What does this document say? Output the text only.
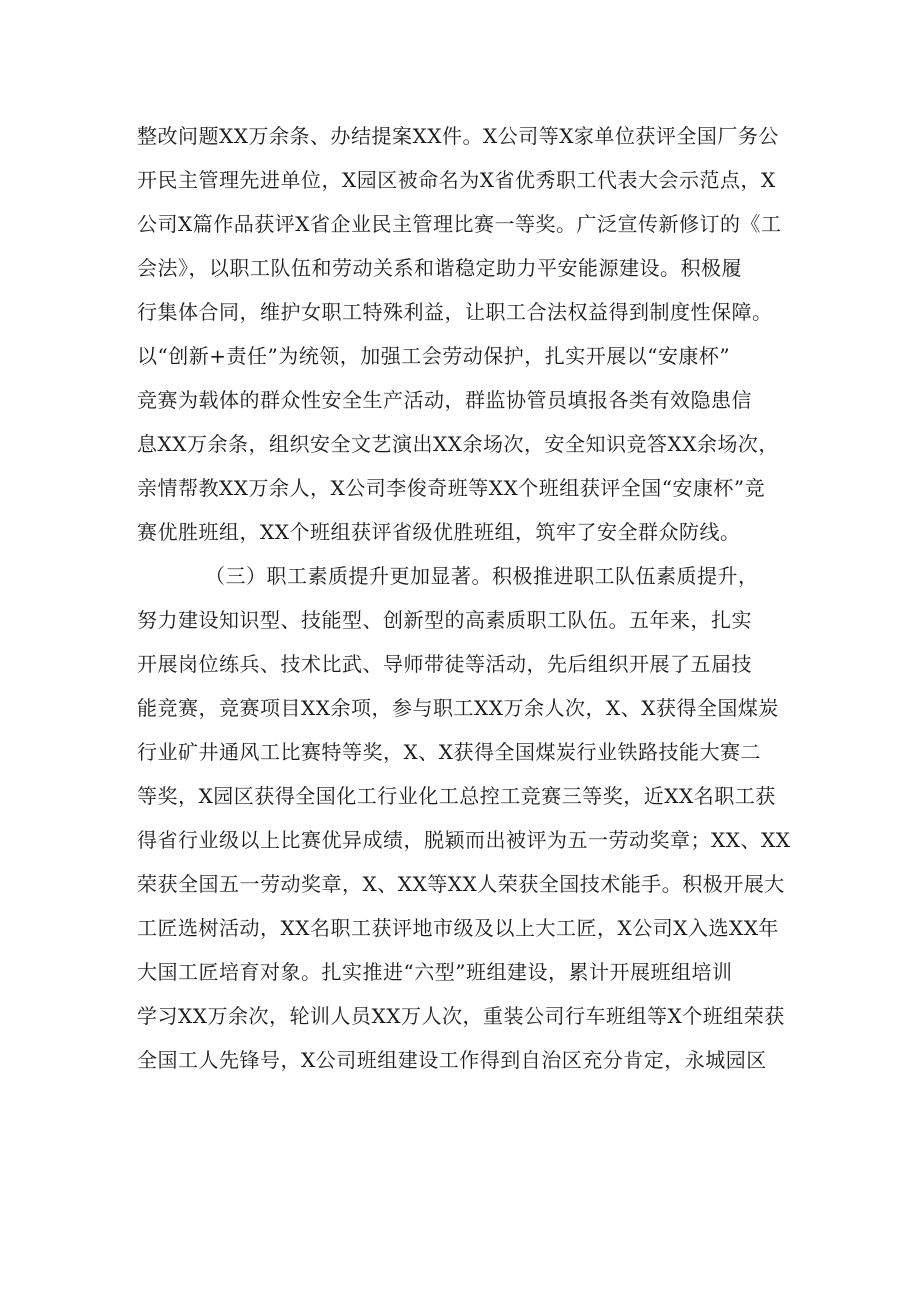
整改问题XX万余条、办结提案XX件。X公司等X家单位获评全国厂务公
开民主管理先进单位，X园区被命名为X省优秀职工代表大会示范点，X
公司X篇作品获评X省企业民主管理比赛一等奖。广泛宣传新修订的《工
会法》，以职工队伍和劳动关系和谐稳定助力平安能源建设。积极履
行集体合同，维护女职工特殊利益，让职工合法权益得到制度性保障。
以“创新+责任”为统领，加强工会劳动保护，扎实开展以“安康杯”
竞赛为载体的群众性安全生产活动，群监协管员填报各类有效隐患信
息XX万余条，组织安全文艺演出XX余场次，安全知识竞答XX余场次，
亲情帮教XX万余人，X公司李俊奇班等XX个班组获评全国“安康杯”竞
赛优胜班组，XX个班组获评省级优胜班组，筑牢了安全群众防线。
（三）职工素质提升更加显著。积极推进职工队伍素质提升，
努力建设知识型、技能型、创新型的高素质职工队伍。五年来，扎实
开展岗位练兵、技术比武、导师带徒等活动，先后组织开展了五届技
能竞赛，竞赛项目XX余项，参与职工XX万余人次，X、X获得全国煤炭
行业矿井通风工比赛特等奖，X、X获得全国煤炭行业铁路技能大赛二
等奖，X园区获得全国化工行业化工总控工竞赛三等奖，近XX名职工获
得省行业级以上比赛优异成绩，脱颖而出被评为五一劳动奖章；XX、XX
荣获全国五一劳动奖章，X、XX等XX人荣获全国技术能手。积极开展大
工匠选树活动，XX名职工获评地市级及以上大工匠，X公司X入选XX年
大国工匠培育对象。扎实推进“六型”班组建设，累计开展班组培训
学习XX万余次，轮训人员XX万人次，重装公司行车班组等X个班组荣获
全国工人先锋号，X公司班组建设工作得到自治区充分肯定，永城园区
